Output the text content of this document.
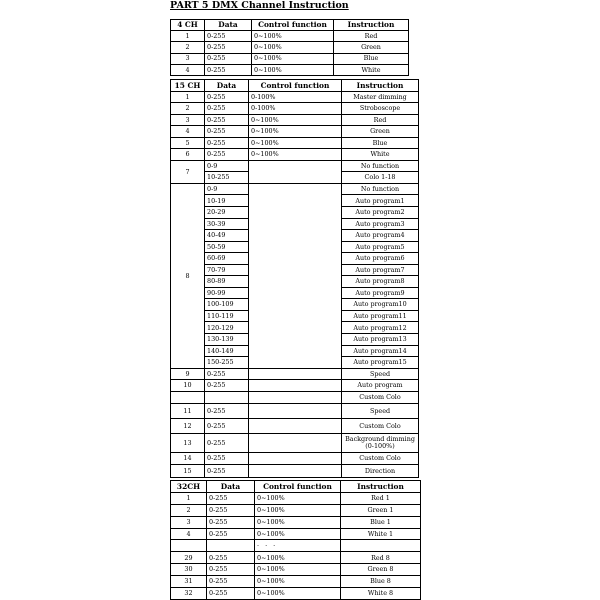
PART 5 DMX Channel Instruction
4 CH	Data	Control function	Instruction
1	0-255	0~100%	Red
2	0-255	0~100%	Green
3	0-255	0~100%	Blue
4	0-255	0~100%	White
15 CH	Data	Control function	Instruction
1	0-255	0-100%	Master dimming
2	0-255	0-100%	Stroboscope
3	0-255	0~100%	Red
4	0-255	0~100%	Green
5	0-255	0~100%	Blue
6	0-255	0~100%	White
7	0-9		No function
	10-255		Colo 1-18
8	0-9		No function
	10-19		Auto program1
	20-29		Auto program2
	30-39		Auto program3
	40-49		Auto program4
	50-59		Auto program5
	60-69		Auto program6
	70-79		Auto program7
	80-89		Auto program8
	90-99		Auto program9
	100-109		Auto program10
	110-119		Auto program11
	120-129		Auto program12
	130-139		Auto program13
	140-149		Auto program14
	150-255		Auto program15
9	0-255		Speed
10	0-255		Auto program
			Custom Colo
11	0-255		Speed
12	0-255		Custom Colo
13	0-255		Background dimming (0-100%)
14	0-255		Custom Colo
15	0-255		Direction
32CH	Data	Control function	Instruction
1	0-255	0~100%	Red 1
2	0-255	0~100%	Green 1
3	0-255	0~100%	Blue 1
4	0-255	0~100%	White 1
		· · ·	
29	0-255	0~100%	Red 8
30	0-255	0~100%	Green 8
31	0-255	0~100%	Blue 8
32	0-255	0~100%	White 8
